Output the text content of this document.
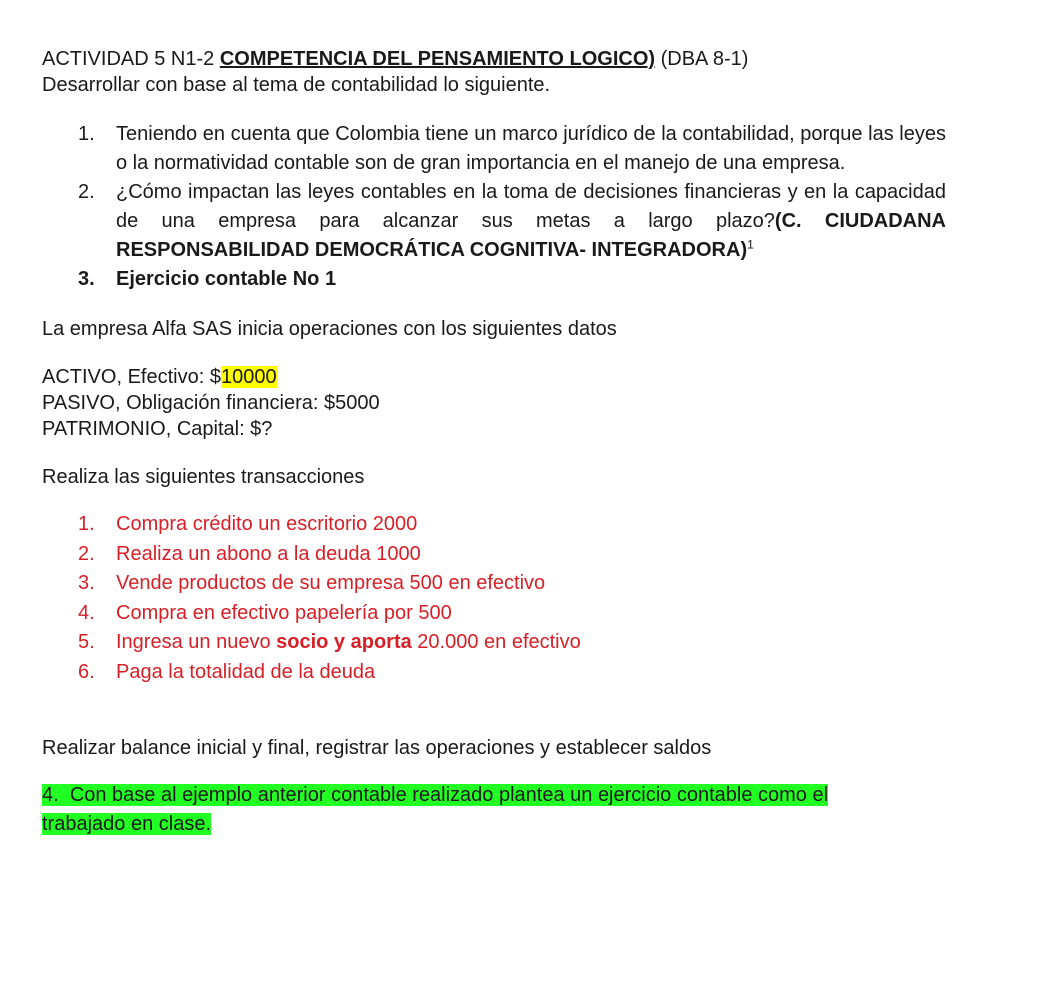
ACTIVIDAD 5 N1-2 COMPETENCIA DEL PENSAMIENTO LOGICO) (DBA 8-1)
Desarrollar con base al tema de contabilidad lo siguiente.
1. Teniendo en cuenta que Colombia tiene un marco jurídico de la contabilidad, porque las leyes o la normatividad contable son de gran importancia en el manejo de una empresa.
2. ¿Cómo impactan las leyes contables en la toma de decisiones financieras y en la capacidad de una empresa para alcanzar sus metas a largo plazo?(C. CIUDADANA RESPONSABILIDAD DEMOCRÁTICA COGNITIVA- INTEGRADORA)$^1$
3. Ejercicio contable No 1
La empresa Alfa SAS inicia operaciones con los siguientes datos
ACTIVO, Efectivo: $10000
PASIVO, Obligación financiera: $5000
PATRIMONIO, Capital: $?
Realiza las siguientes transacciones
1. Compra crédito un escritorio 2000
2. Realiza un abono a la deuda 1000
3. Vende productos de su empresa 500 en efectivo
4. Compra en efectivo papelería por 500
5. Ingresa un nuevo socio y aporta 20.000 en efectivo
6. Paga la totalidad de la deuda
Realizar balance inicial y final, registrar las operaciones y establecer saldos
4. Con base al ejemplo anterior contable realizado plantea un ejercicio contable como el trabajado en clase.
